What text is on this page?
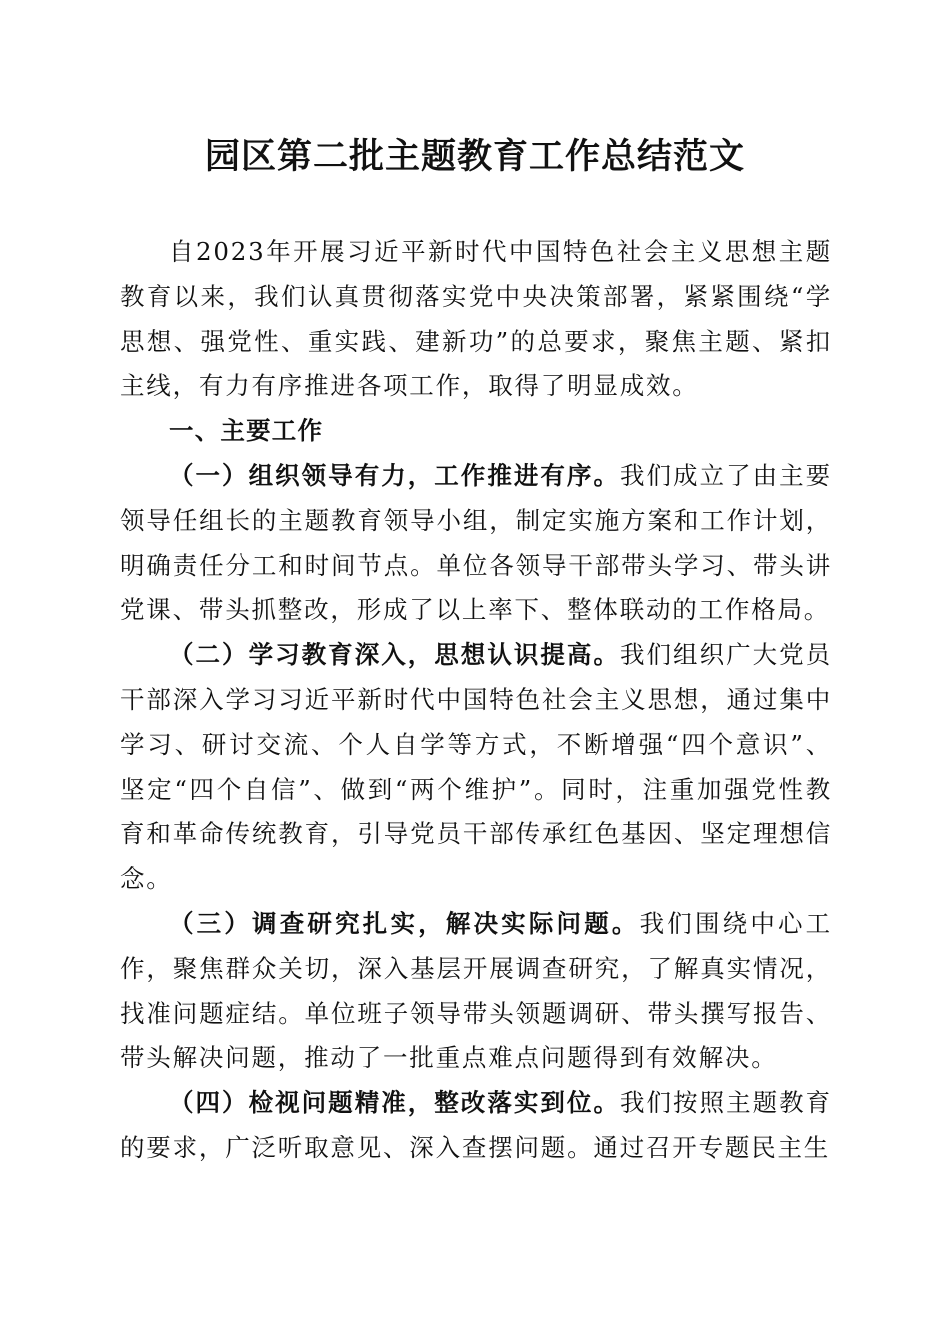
园区第二批主题教育工作总结范文

自2023年开展习近平新时代中国特色社会主义思想主题教育以来，我们认真贯彻落实党中央决策部署，紧紧围绕“学思想、强党性、重实践、建新功”的总要求，聚焦主题、紧扣主线，有力有序推进各项工作，取得了明显成效。

一、主要工作

（一）组织领导有力，工作推进有序。我们成立了由主要领导任组长的主题教育领导小组，制定实施方案和工作计划，明确责任分工和时间节点。单位各领导干部带头学习、带头讲党课、带头抓整改，形成了以上率下、整体联动的工作格局。

（二）学习教育深入，思想认识提高。我们组织广大党员干部深入学习习近平新时代中国特色社会主义思想，通过集中学习、研讨交流、个人自学等方式，不断增强“四个意识”、坚定“四个自信”、做到“两个维护”。同时，注重加强党性教育和革命传统教育，引导党员干部传承红色基因、坚定理想信念。

（三）调查研究扎实，解决实际问题。我们围绕中心工作，聚焦群众关切，深入基层开展调查研究，了解真实情况，找准问题症结。单位班子领导带头领题调研、带头撰写报告、带头解决问题，推动了一批重点难点问题得到有效解决。

（四）检视问题精准，整改落实到位。我们按照主题教育的要求，广泛听取意见、深入查摆问题。通过召开专题民主生
